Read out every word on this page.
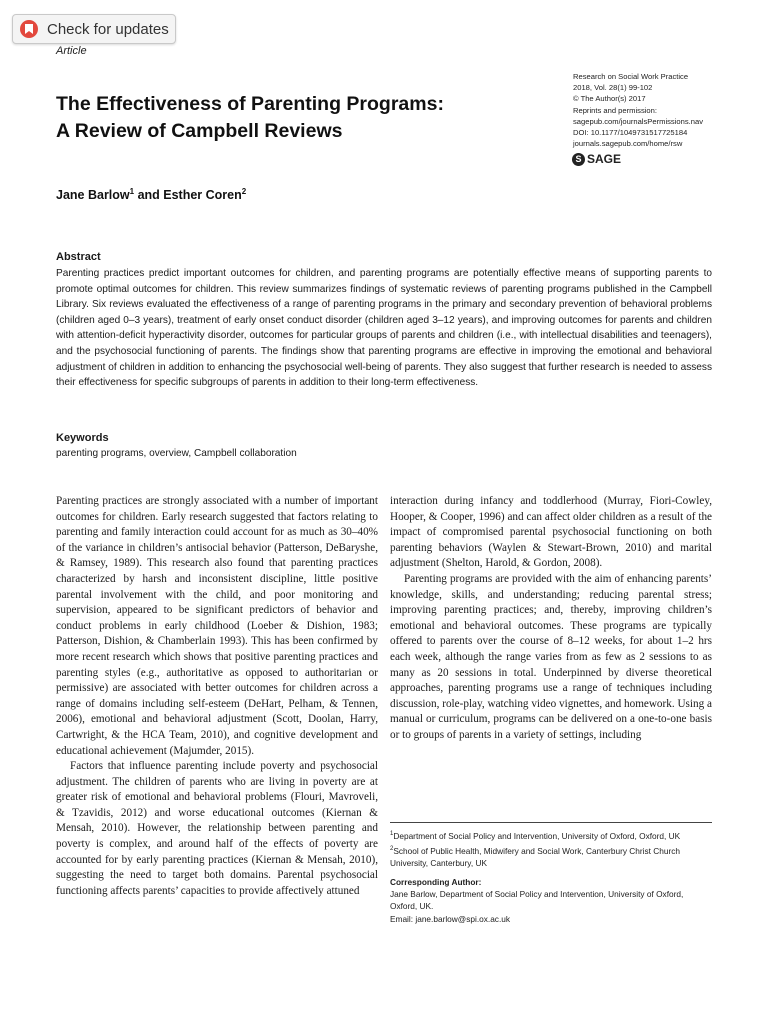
Check for updates
Article
Research on Social Work Practice
2018, Vol. 28(1) 99-102
© The Author(s) 2017
Reprints and permission:
sagepub.com/journalsPermissions.nav
DOI: 10.1177/1049731517725184
journals.sagepub.com/home/rsw
S SAGE
The Effectiveness of Parenting Programs:
A Review of Campbell Reviews
Jane Barlow$^1$ and Esther Coren$^2$
Abstract
Parenting practices predict important outcomes for children, and parenting programs are potentially effective means of supporting parents to promote optimal outcomes for children. This review summarizes findings of systematic reviews of parenting programs published in the Campbell Library. Six reviews evaluated the effectiveness of a range of parenting programs in the primary and secondary prevention of behavioral problems (children aged 0–3 years), treatment of early onset conduct disorder (children aged 3–12 years), and improving outcomes for parents and children with attention-deficit hyperactivity disorder, outcomes for particular groups of parents and children (i.e., with intellectual disabilities and teenagers), and the psychosocial functioning of parents. The findings show that parenting programs are effective in improving the emotional and behavioral adjustment of children in addition to enhancing the psychosocial well-being of parents. They also suggest that further research is needed to assess their effectiveness for specific subgroups of parents in addition to their long-term effectiveness.
Keywords
parenting programs, overview, Campbell collaboration

Parenting practices are strongly associated with a number of important outcomes for children. Early research suggested that factors relating to parenting and family interaction could account for as much as 30–40% of the variance in children’s antisocial behavior (Patterson, DeBaryshe, & Ramsey, 1989). This research also found that parenting practices characterized by harsh and inconsistent discipline, little positive parental involvement with the child, and poor monitoring and supervision, appeared to be significant predictors of behavior and conduct problems in early childhood (Loeber & Dishion, 1983; Patterson, Dishion, & Chamberlain 1993). This has been confirmed by more recent research which shows that positive parenting practices and parenting styles (e.g., authoritative as opposed to authoritarian or permissive) are associated with better outcomes for children across a range of domains including self-esteem (DeHart, Pelham, & Tennen, 2006), emotional and behavioral adjustment (Scott, Doolan, Harry, Cartwright, & the HCA Team, 2010), and cognitive development and educational achievement (Majumder, 2015).

Factors that influence parenting include poverty and psychosocial adjustment. The children of parents who are living in poverty are at greater risk of emotional and behavioral problems (Flouri, Mavroveli, & Tzavidis, 2012) and worse educational outcomes (Kiernan & Mensah, 2010). However, the relationship between parenting and poverty is complex, and around half of the effects of poverty are accounted for by early parenting practices (Kiernan & Mensah, 2010), suggesting the need to target both domains. Parental psychosocial functioning affects parents’ capacities to provide affectively attuned

interaction during infancy and toddlerhood (Murray, Fiori-Cowley, Hooper, & Cooper, 1996) and can affect older children as a result of the impact of compromised parental psychosocial functioning on both parenting behaviors (Waylen & Stewart-Brown, 2010) and marital adjustment (Shelton, Harold, & Gordon, 2008).

Parenting programs are provided with the aim of enhancing parents’ knowledge, skills, and understanding; reducing parental stress; improving parenting practices; and, thereby, improving children’s emotional and behavioral outcomes. These programs are typically offered to parents over the course of 8–12 weeks, for about 1–2 hrs each week, although the range varies from as few as 2 sessions to as many as 20 sessions in total. Underpinned by diverse theoretical approaches, parenting programs use a range of techniques including discussion, role-play, watching video vignettes, and homework. Using a manual or curriculum, programs can be delivered on a one-to-one basis or to groups of parents in a variety of settings, including

$^1$Department of Social Policy and Intervention, University of Oxford, Oxford, UK

$^2$School of Public Health, Midwifery and Social Work, Canterbury Christ Church University, Canterbury, UK

Corresponding Author:

Jane Barlow, Department of Social Policy and Intervention, University of Oxford, Oxford, UK.

Email: jane.barlow@spi.ox.ac.uk
